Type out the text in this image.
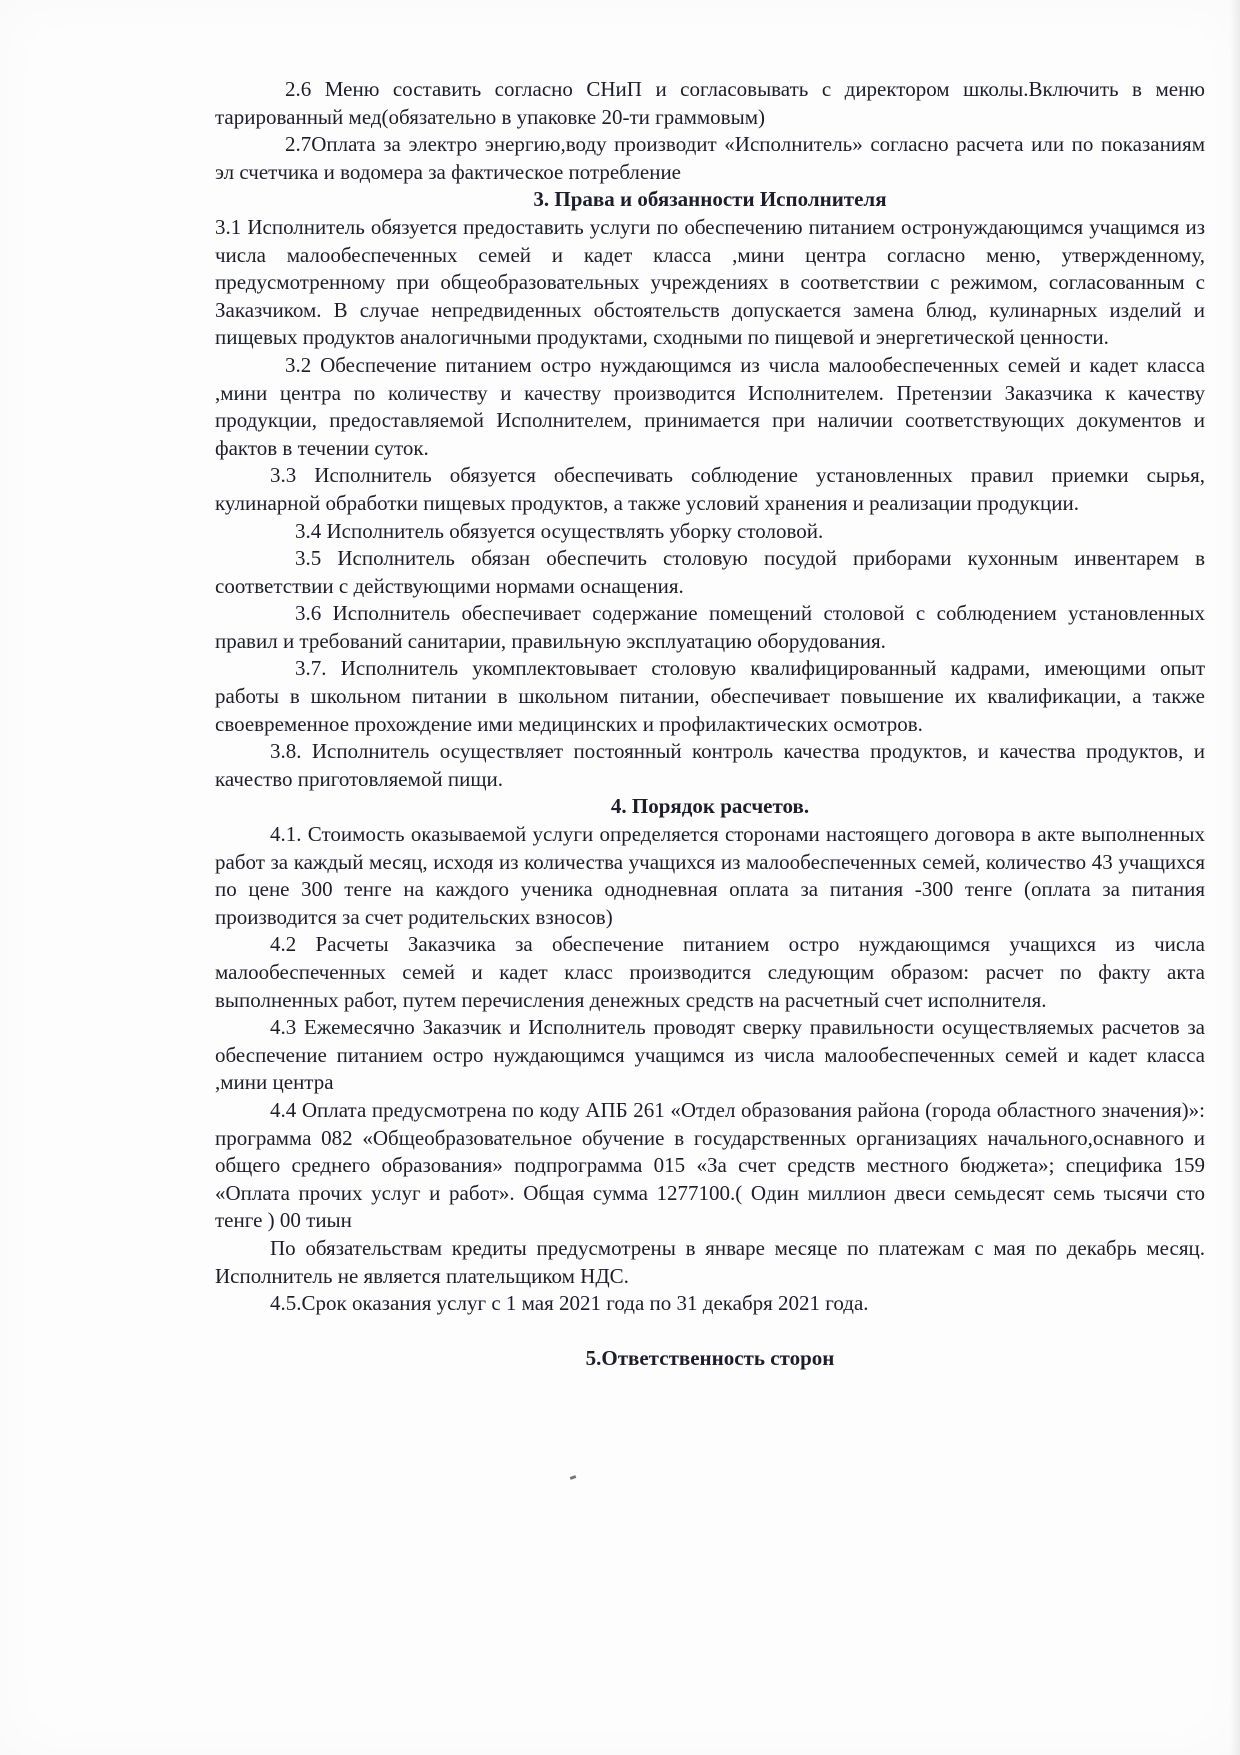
2.6 Меню составить согласно СНиП и согласовывать с директором школы.Включить в меню тарированный мед(обязательно в упаковке 20-ти граммовым)

2.7Оплата за электро энергию,воду производит «Исполнитель» согласно расчета или по показаниям эл счетчика и водомера за фактическое потребление

3. Права и обязанности Исполнителя

3.1 Исполнитель обязуется предоставить услуги по обеспечению питанием остронуждающимся учащимся из числа малообеспеченных семей и кадет класса ,мини центра согласно меню, утвержденному, предусмотренному при общеобразовательных учреждениях в соответствии с режимом, согласованным с Заказчиком. В случае непредвиденных обстоятельств допускается замена блюд, кулинарных изделий и пищевых продуктов аналогичными продуктами, сходными по пищевой и энергетической ценности.

3.2 Обеспечение питанием остро нуждающимся из числа малообеспеченных семей и кадет класса ,мини центра по количеству и качеству производится Исполнителем. Претензии Заказчика к качеству продукции, предоставляемой Исполнителем, принимается при наличии соответствующих документов и фактов в течении суток.

3.3 Исполнитель обязуется обеспечивать соблюдение установленных правил приемки сырья, кулинарной обработки пищевых продуктов, а также условий хранения и реализации продукции.

3.4 Исполнитель обязуется осуществлять уборку столовой.

3.5 Исполнитель обязан обеспечить столовую посудой приборами кухонным инвентарем в соответствии с действующими нормами оснащения.

3.6 Исполнитель обеспечивает содержание помещений столовой с соблюдением установленных правил и требований санитарии, правильную эксплуатацию оборудования.

3.7. Исполнитель укомплектовывает столовую квалифицированный кадрами, имеющими опыт работы в школьном питании в школьном питании, обеспечивает повышение их квалификации, а также своевременное прохождение ими медицинских и профилактических осмотров.

3.8. Исполнитель осуществляет постоянный контроль качества продуктов, и качества продуктов, и качество приготовляемой пищи.

4. Порядок расчетов.

4.1. Стоимость оказываемой услуги определяется сторонами настоящего договора в акте выполненных работ за каждый месяц, исходя из количества учащихся из малообеспеченных семей, количество 43 учащихся по цене 300 тенге на каждого ученика однодневная оплата за питания -300 тенге (оплата за питания производится за счет родительских взносов)

4.2 Расчеты Заказчика за обеспечение питанием остро нуждающимся учащихся из числа малообеспеченных семей и кадет класс производится следующим образом: расчет по факту акта выполненных работ, путем перечисления денежных средств на расчетный счет исполнителя.

4.3 Ежемесячно Заказчик и Исполнитель проводят сверку правильности осуществляемых расчетов за обеспечение питанием остро нуждающимся учащимся из числа малообеспеченных семей и кадет класса ,мини центра

4.4 Оплата предусмотрена по коду АПБ 261 «Отдел образования района (города областного значения)»: программа 082 «Общеобразовательное обучение в государственных организациях начального,оснавного и общего среднего образования» подпрограмма 015 «За счет средств местного бюджета»; специфика 159 «Оплата прочих услуг и работ». Общая сумма 1277100.( Один миллион двеси семьдесят семь тысячи сто тенге ) 00 тиын

По обязательствам кредиты предусмотрены в январе месяце по платежам с мая по декабрь месяц. Исполнитель не является плательщиком НДС.

4.5.Срок оказания услуг с 1 мая 2021 года по 31 декабря 2021 года.

5.Ответственность сторон
